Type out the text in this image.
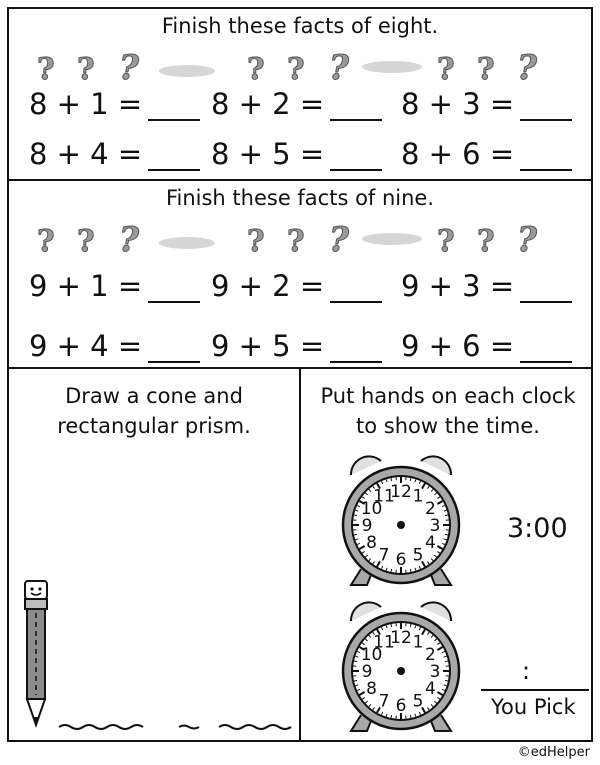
Finish these facts of eight.
? ? ?	? ? ?	? ? ?
8 + 1 =	8 + 2 =	8 + 3 =
8 + 4 =	8 + 5 =	8 + 6 =
Finish these facts of nine.
? ? ?	? ? ?	? ? ?
9 + 1 =	9 + 2 =	9 + 3 =
9 + 4 =	9 + 5 =	9 + 6 =
Draw a cone and
rectangular prism.
Put hands on each clock
to show the time.
12 1
2
3
4
5
6
7
8
9
10
11
3:00
12 1
2
3
4
5
6
7
8
9
10
11
:
You Pick
©edHelper
